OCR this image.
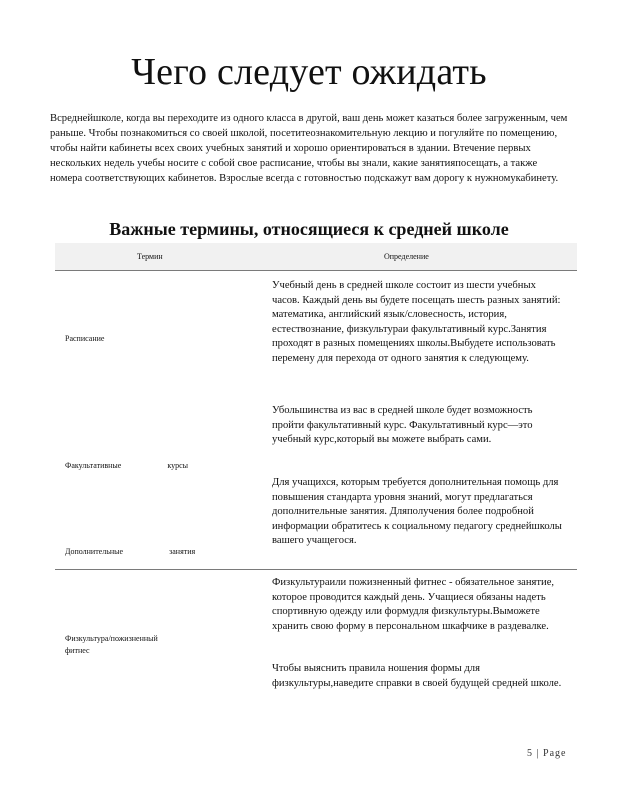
Чего следует ожидать
Всреднейшколе, когда вы переходите из одного класса в другой, ваш день может казаться более загруженным, чем раньше. Чтобы познакомиться со своей школой, посетитеознакомительную лекцию и погуляйте по помещению, чтобы найти кабинеты всех своих учебных занятий и хорошо ориентироваться в здании. Втечение первых нескольких недель учебы носите с собой свое расписание, чтобы вы знали, какие занятияпосещать, а также номера соответствующих кабинетов. Взрослые всегда с готовностью подскажут вам дорогу к нужномукабинету.
Важные термины, относящиеся к средней школе
Термин	Определение
Расписание
Учебный день в средней школе состоит из шести учебных часов. Каждый день вы будете посещать шесть разных занятий: математика, английский язык/словесность, история, естествознание, физкультураи факультативный курс.Занятия проходят в разных помещениях школы.Выбудете использовать перемену для перехода от одного занятия к следующему.
Факультативные курсы
Убольшинства из вас в средней школе будет возможность пройти факультативный курс. Факультативный курс—это учебный курс,который вы можете выбрать сами.
Дополнительные занятия
Для учащихся, которым требуется дополнительная помощь для повышения стандарта уровня знаний, могут предлагаться дополнительные занятия. Дляполучения более подробной информации обратитесь к социальному педагогу среднейшколы вашего учащегося.
Физкультура/пожизненный фитнес
Физкультураили пожизненный фитнес - обязательное занятие, которое проводится каждый день. Учащиеся обязаны надеть спортивную одежду или формудля физкультуры.Выможете хранить свою форму в персональном шкафчике в раздевалке.
Чтобы выяснить правила ношения формы для физкультуры,наведите справки в своей будущей средней школе.
5 | Page
